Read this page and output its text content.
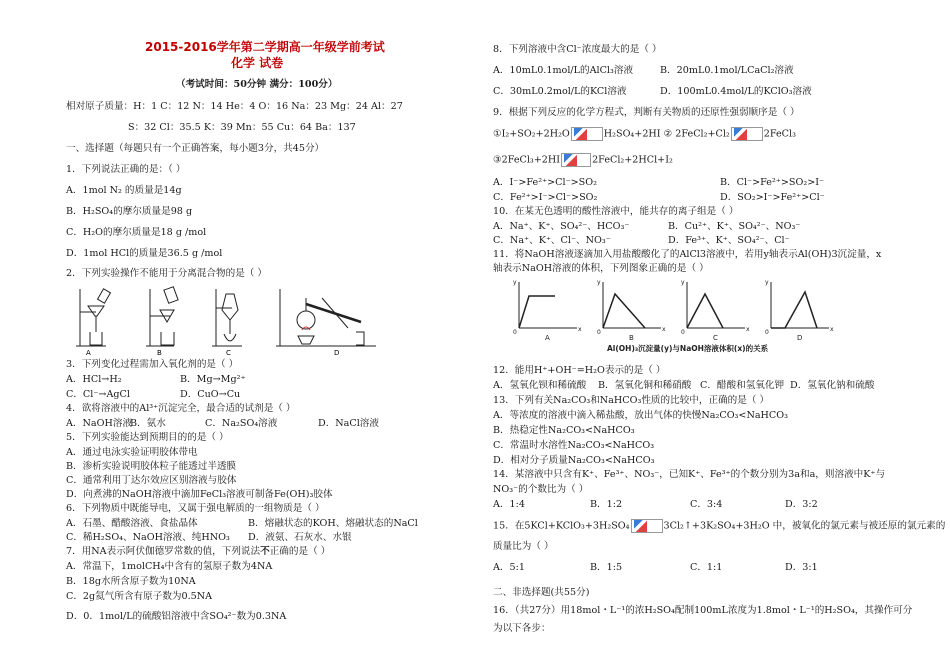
2015-2016学年第二学期高一年级学前考试
化学 试卷
（考试时间：50分钟 满分：100分）
相对原子质量：H：1 C：12 N：14 He：4 O：16 Na：23 Mg：24 Al：27
S：32 Cl：35.5 K：39 Mn：55 Cu：64 Ba：137
一、选择题（每题只有一个正确答案，每小题3分，共45分）
1．下列说法正确的是：（ ）
A．1mol N₂ 的质量是14g
B．H₂SO₄的摩尔质量是98 g
C．H₂O的摩尔质量是18 g /mol
D．1mol HCl的质量是36.5 g /mol
2．下列实验操作不能用于分离混合物的是（ ）
A	B	C	D
3．下列变化过程需加入氧化剂的是（ ）
A．HCl→H₂	B．Mg→Mg²⁺
C．Cl⁻→AgCl	D．CuO→Cu
4．欲将溶液中的Al³⁺沉淀完全，最合适的试剂是（ ）
A．NaOH溶液
B．氨水	C．Na₂SO₄溶液	D．NaCl溶液
5．下列实验能达到预期目的的是（ ）
A．通过电泳实验证明胶体带电
B．渗析实验说明胶体粒子能透过半透膜
C．通常利用丁达尔效应区别溶液与胶体
D．向煮沸的NaOH溶液中滴加FeCl₃溶液可制备Fe(OH)₃胶体
6．下列物质中既能导电，又属于强电解质的一组物质是（ ）
A．石墨、醋酸溶液、食盐晶体	B．熔融状态的KOH、熔融状态的NaCl
C．稀H₂SO₄、NaOH溶液、纯HNO₃ D．液氨、石灰水、水银
7．用NA表示阿伏伽德罗常数的值，下列说法不正确的是（ ）
A．常温下，1molCH₄中含有的氢原子数为4NA
B．18g水所含原子数为10NA
C．2g氦气所含有原子数为0.5NA
D．0．1mol/L的硫酸铝溶液中含SO₄²⁻数为0.3NA
8．下列溶液中含Cl⁻浓度最大的是（ ）
A．10mL0.1mol/L的AlCl₃溶液	B．20mL0.1mol/LCaCl₂溶液
C．30mL0.2mol/L的KCl溶液	D．100mL0.4mol/L的KClO₃溶液
9．根据下列反应的化学方程式，判断有关物质的还原性强弱顺序是（ ）
①I₂+SO₂+2H₂O	H₂SO₄+2HI ② 2FeCl₂+Cl₂	2FeCl₃
③2FeCl₃+2HI	2FeCl₂+2HCl+I₂
A．I⁻>Fe²⁺>Cl⁻>SO₂	B．Cl⁻>Fe²⁺>SO₂>I⁻
C．Fe²⁺>I⁻>Cl⁻>SO₂	D．SO₂>I⁻>Fe²⁺>Cl⁻
10．在某无色透明的酸性溶液中，能共存的离子组是（ ）
A．Na⁺、K⁺、SO₄²⁻、HCO₃⁻	B．Cu²⁺、K⁺、SO₄²⁻、NO₃⁻
C．Na⁺、K⁺、Cl⁻、NO₃⁻	D．Fe³⁺、K⁺、SO₄²⁻、Cl⁻
11．将NaOH溶液逐滴加入用盐酸酸化了的AlCl3溶液中，若用y轴表示Al(OH)3沉淀量，x
轴表示NaOH溶液的体积，下列图象正确的是（ ）
y
x
y
x
y
x
y
x
0	0	0	0
A	B	C	D
Al(OH)₃沉淀量(y)与NaOH溶液体积(x)的关系
12．能用H⁺+OH⁻=H₂O表示的是（ ）
A．氢氧化钡和稀硫酸 B．氢氧化铜和稀硝酸 C．醋酸和氢氧化钾 D．氢氧化钠和硫酸
13．下列有关Na₂CO₃和NaHCO₃性质的比较中，正确的是（ ）
A．等浓度的溶液中滴入稀盐酸，放出气体的快慢Na₂CO₃<NaHCO₃
B．热稳定性Na₂CO₃<NaHCO₃
C．常温时水溶性Na₂CO₃<NaHCO₃
D．相对分子质量Na₂CO₃<NaHCO₃
14．某溶液中只含有K⁺、Fe³⁺、NO₃⁻，已知K⁺、Fe³⁺的个数分别为3a和a，则溶液中K⁺与
NO₃⁻的个数比为（ ）
A．1:4	B．1:2	C．3:4	D．3:2
15．在5KCl+KClO₃+3H₂SO₄	3Cl₂↑+3K₂SO₄+3H₂O 中，被氧化的氯元素与被还原的氯元素的
质量比为（ ）
A．5:1	B．1:5	C．1:1	D．3:1
二、非选择题(共55分)
16．（共27分）用18mol・L⁻¹的浓H₂SO₄配制100mL浓度为1.8mol・L⁻¹的H₂SO₄，其操作可分
为以下各步：
